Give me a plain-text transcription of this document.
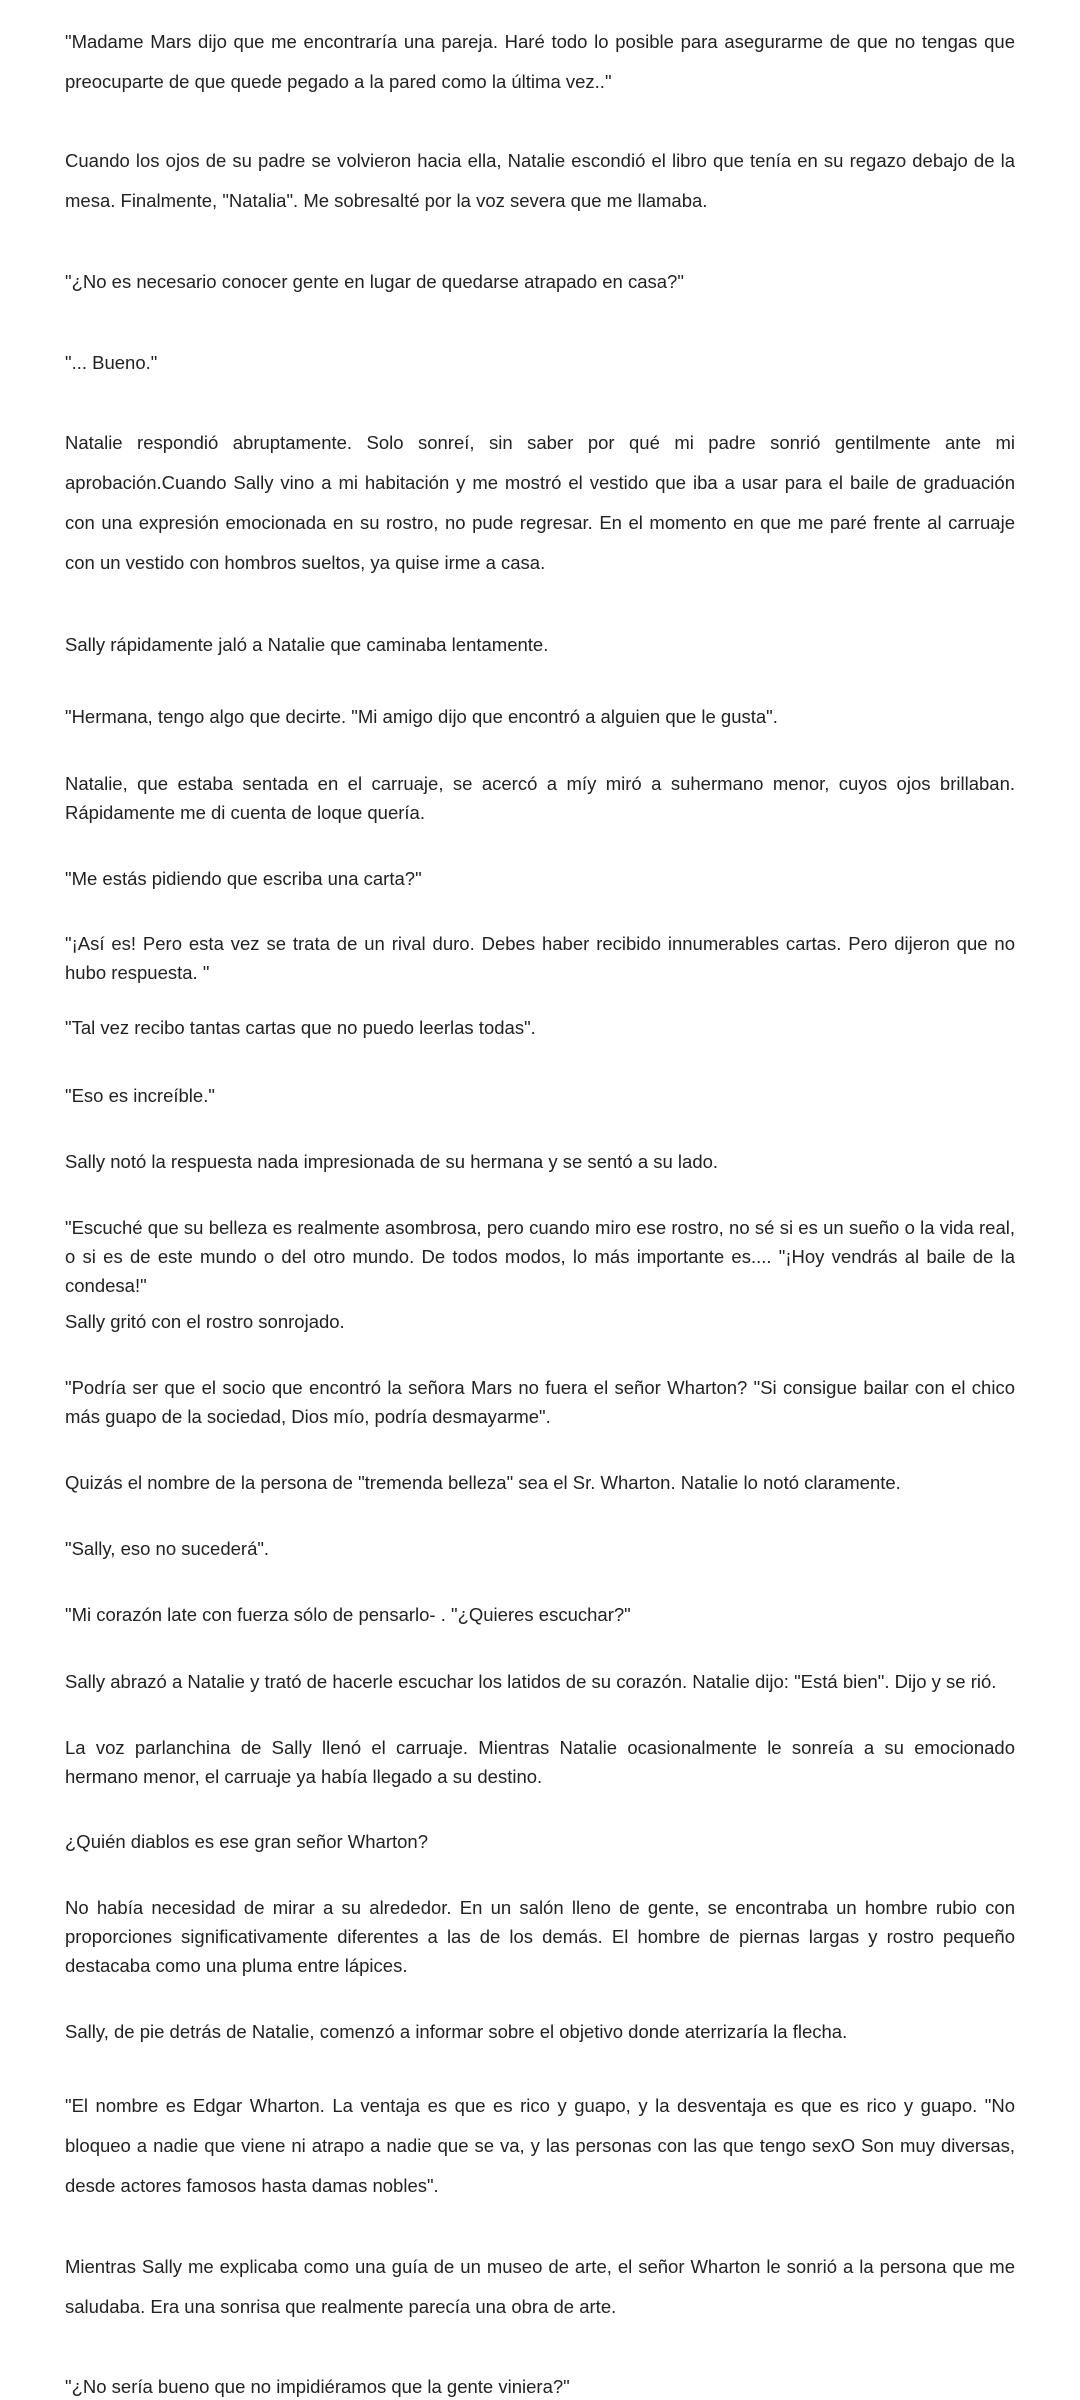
"Madame Mars dijo que me encontraría una pareja. Haré todo lo posible para asegurarme de que no tengas que preocuparte de que quede pegado a la pared como la última vez.."

Cuando los ojos de su padre se volvieron hacia ella, Natalie escondió el libro que tenía en su regazo debajo de la mesa. Finalmente, "Natalia". Me sobresalté por la voz severa que me llamaba.

"¿No es necesario conocer gente en lugar de quedarse atrapado en casa?"

"... Bueno."

Natalie respondió abruptamente. Solo sonreí, sin saber por qué mi padre sonrió gentilmente ante mi aprobación.Cuando Sally vino a mi habitación y me mostró el vestido que iba a usar para el baile de graduación con una expresión emocionada en su rostro, no pude regresar. En el momento en que me paré frente al carruaje con un vestido con hombros sueltos, ya quise irme a casa.

Sally rápidamente jaló a Natalie que caminaba lentamente.

"Hermana, tengo algo que decirte. "Mi amigo dijo que encontró a alguien que le gusta".

Natalie, que estaba sentada en el carruaje, se acercó a míy miró a suhermano menor, cuyos ojos brillaban. Rápidamente me di cuenta de loque quería.

"Me estás pidiendo que escriba una carta?"

"¡Así es! Pero esta vez se trata de un rival duro. Debes haber recibido innumerables cartas. Pero dijeron que no hubo respuesta. "

"Tal vez recibo tantas cartas que no puedo leerlas todas".

"Eso es increíble."

Sally notó la respuesta nada impresionada de su hermana y se sentó a su lado.

"Escuché que su belleza es realmente asombrosa, pero cuando miro ese rostro, no sé si es un sueño o la vida real, o si es de este mundo o del otro mundo. De todos modos, lo más importante es.... "¡Hoy vendrás al baile de la condesa!"

Sally gritó con el rostro sonrojado.

"Podría ser que el socio que encontró la señora Mars no fuera el señor Wharton? "Si consigue bailar con el chico más guapo de la sociedad, Dios mío, podría desmayarme".

Quizás el nombre de la persona de "tremenda belleza" sea el Sr. Wharton. Natalie lo notó claramente.

"Sally, eso no sucederá".

"Mi corazón late con fuerza sólo de pensarlo- . "¿Quieres escuchar?"

Sally abrazó a Natalie y trató de hacerle escuchar los latidos de su corazón. Natalie dijo: "Está bien". Dijo y se rió.

La voz parlanchina de Sally llenó el carruaje. Mientras Natalie ocasionalmente le sonreía a su emocionado hermano menor, el carruaje ya había llegado a su destino.

¿Quién diablos es ese gran señor Wharton?

No había necesidad de mirar a su alrededor. En un salón lleno de gente, se encontraba un hombre rubio con proporciones significativamente diferentes a las de los demás. El hombre de piernas largas y rostro pequeño destacaba como una pluma entre lápices.

Sally, de pie detrás de Natalie, comenzó a informar sobre el objetivo donde aterrizaría la flecha.

"El nombre es Edgar Wharton. La ventaja es que es rico y guapo, y la desventaja es que es rico y guapo. "No bloqueo a nadie que viene ni atrapo a nadie que se va, y las personas con las que tengo sexO Son muy diversas, desde actores famosos hasta damas nobles".

Mientras Sally me explicaba como una guía de un museo de arte, el señor Wharton le sonrió a la persona que me saludaba. Era una sonrisa que realmente parecía una obra de arte.

"¿No sería bueno que no impidiéramos que la gente viniera?"
